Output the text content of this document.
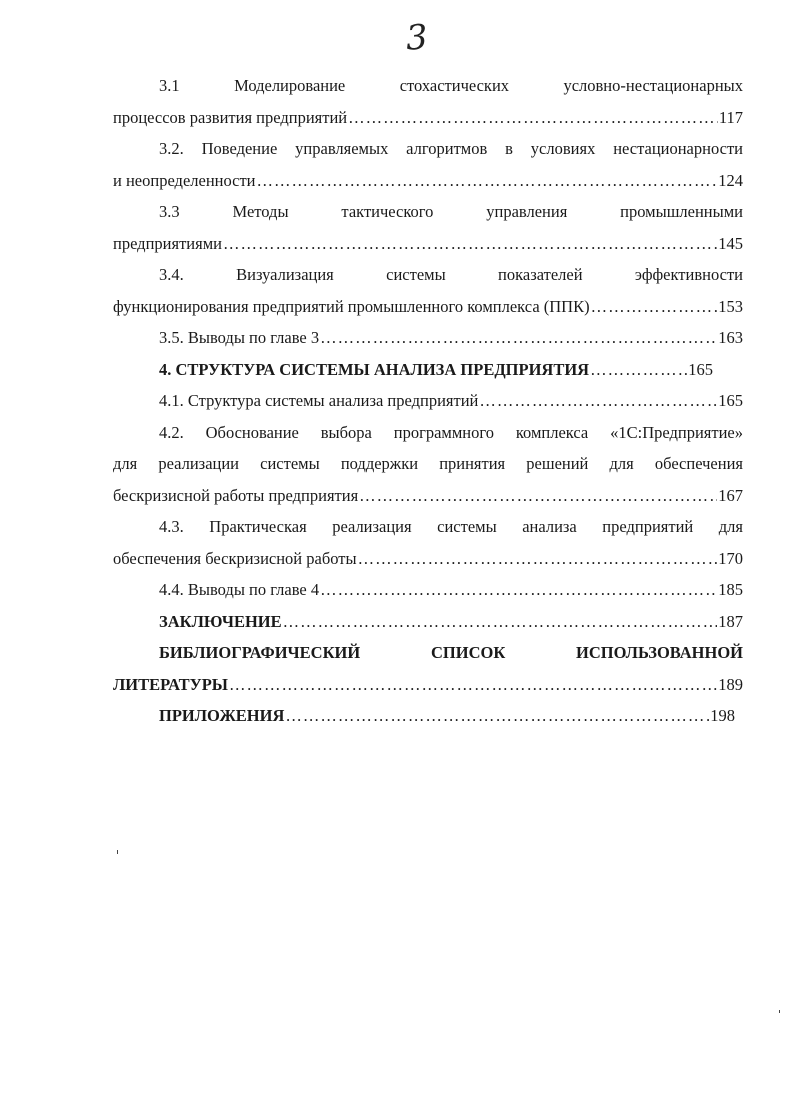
3
3.1 Моделирование стохастических условно-нестационарных
процессов развития предприятий ……………………………………………………………………………………………………………………………………………………	117
3.2. Поведение управляемых алгоритмов в условиях нестационарности
и неопределенности ……………………………………………………………………………………………………………………………………………………	124
3.3 Методы тактического управления промышленными
предприятиями ……………………………………………………………………………………………………………………………………………………	145
3.4. Визуализация системы показателей эффективности
функционирования предприятий промышленного комплекса (ППК) ……………………………………………………………………………………………………………………………………………………	153
3.5. Выводы по главе 3 ……………………………………………………………………………………………………………………………………………………	163
4. СТРУКТУРА СИСТЕМЫ АНАЛИЗА ПРЕДПРИЯТИЯ ……………………………………………………………………………………………………………………………………………………	165
4.1. Структура системы анализа предприятий ……………………………………………………………………………………………………………………………………………………	165
4.2. Обоснование выбора программного комплекса «1С:Предприятие»
для реализации системы поддержки принятия решений для обеспечения
бескризисной работы предприятия ……………………………………………………………………………………………………………………………………………………	167
4.3. Практическая реализация системы анализа предприятий для
обеспечения бескризисной работы ……………………………………………………………………………………………………………………………………………………	170
4.4. Выводы по главе 4 ……………………………………………………………………………………………………………………………………………………	185
ЗАКЛЮЧЕНИЕ ……………………………………………………………………………………………………………………………………………………	187
БИБЛИОГРАФИЧЕСКИЙ СПИСОК ИСПОЛЬЗОВАННОЙ
ЛИТЕРАТУРЫ ……………………………………………………………………………………………………………………………………………………	189
ПРИЛОЖЕНИЯ ……………………………………………………………………………………………………………………………………………………	198
